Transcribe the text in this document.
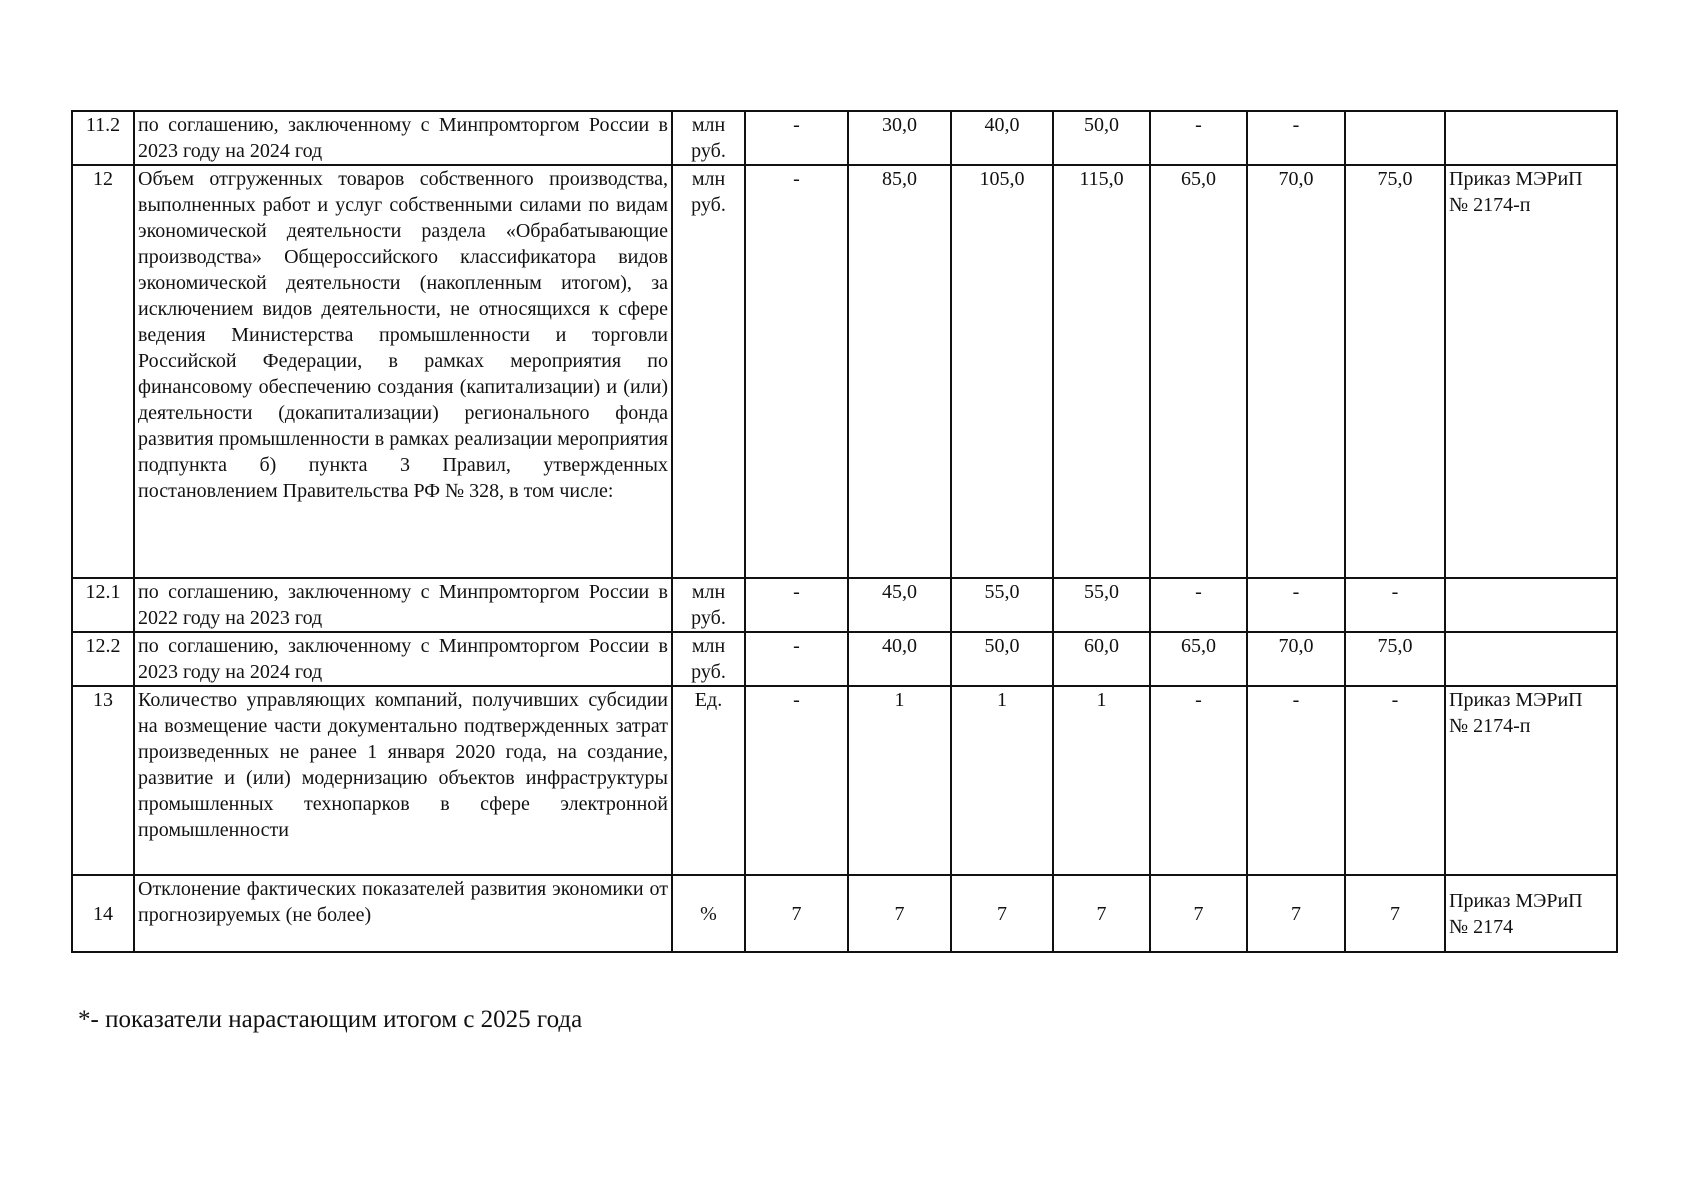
11.2	по соглашению, заключенному с Минпромторгом России в 2023 году на 2024 год	млн руб.	-	30,0	40,0	50,0	-	-		

12	Объем отгруженных товаров собственного производства, выполненных работ и услуг собственными силами по видам экономической деятельности раздела «Обрабатывающие производства» Общероссийского классификатора видов экономической деятельности (накопленным итогом), за исключением видов деятельности, не относящихся к сфере ведения Министерства промышленности и торговли Российской Федерации, в рамках мероприятия по финансовому обеспечению создания (капитализации) и (или) деятельности (докапитализации) регионального фонда развития промышленности в рамках реализации мероприятия подпункта б) пункта 3 Правил, утвержденных постановлением Правительства РФ № 328, в том числе:	млн руб.	-	85,0	105,0	115,0	65,0	70,0	75,0	Приказ МЭРиП
№ 2174-п

12.1	по соглашению, заключенному с Минпромторгом России в 2022 году на 2023 год	млн руб.	-	45,0	55,0	55,0	-	-	-	

12.2	по соглашению, заключенному с Минпромторгом России в 2023 году на 2024 год	млн руб.	-	40,0	50,0	60,0	65,0	70,0	75,0	

13	Количество управляющих компаний, получивших субсидии на возмещение части документально подтвержденных затрат произведенных не ранее 1 января 2020 года, на создание, развитие и (или) модернизацию объектов инфраструктуры промышленных технопарков в сфере электронной промышленности	Ед.	-	1	1	1	-	-	-	Приказ МЭРиП
№ 2174-п

14	Отклонение фактических показателей развития экономики от прогнозируемых (не более)	%	7	7	7	7	7	7	7	Приказ МЭРиП
№ 2174
*- показатели нарастающим итогом с 2025 года
